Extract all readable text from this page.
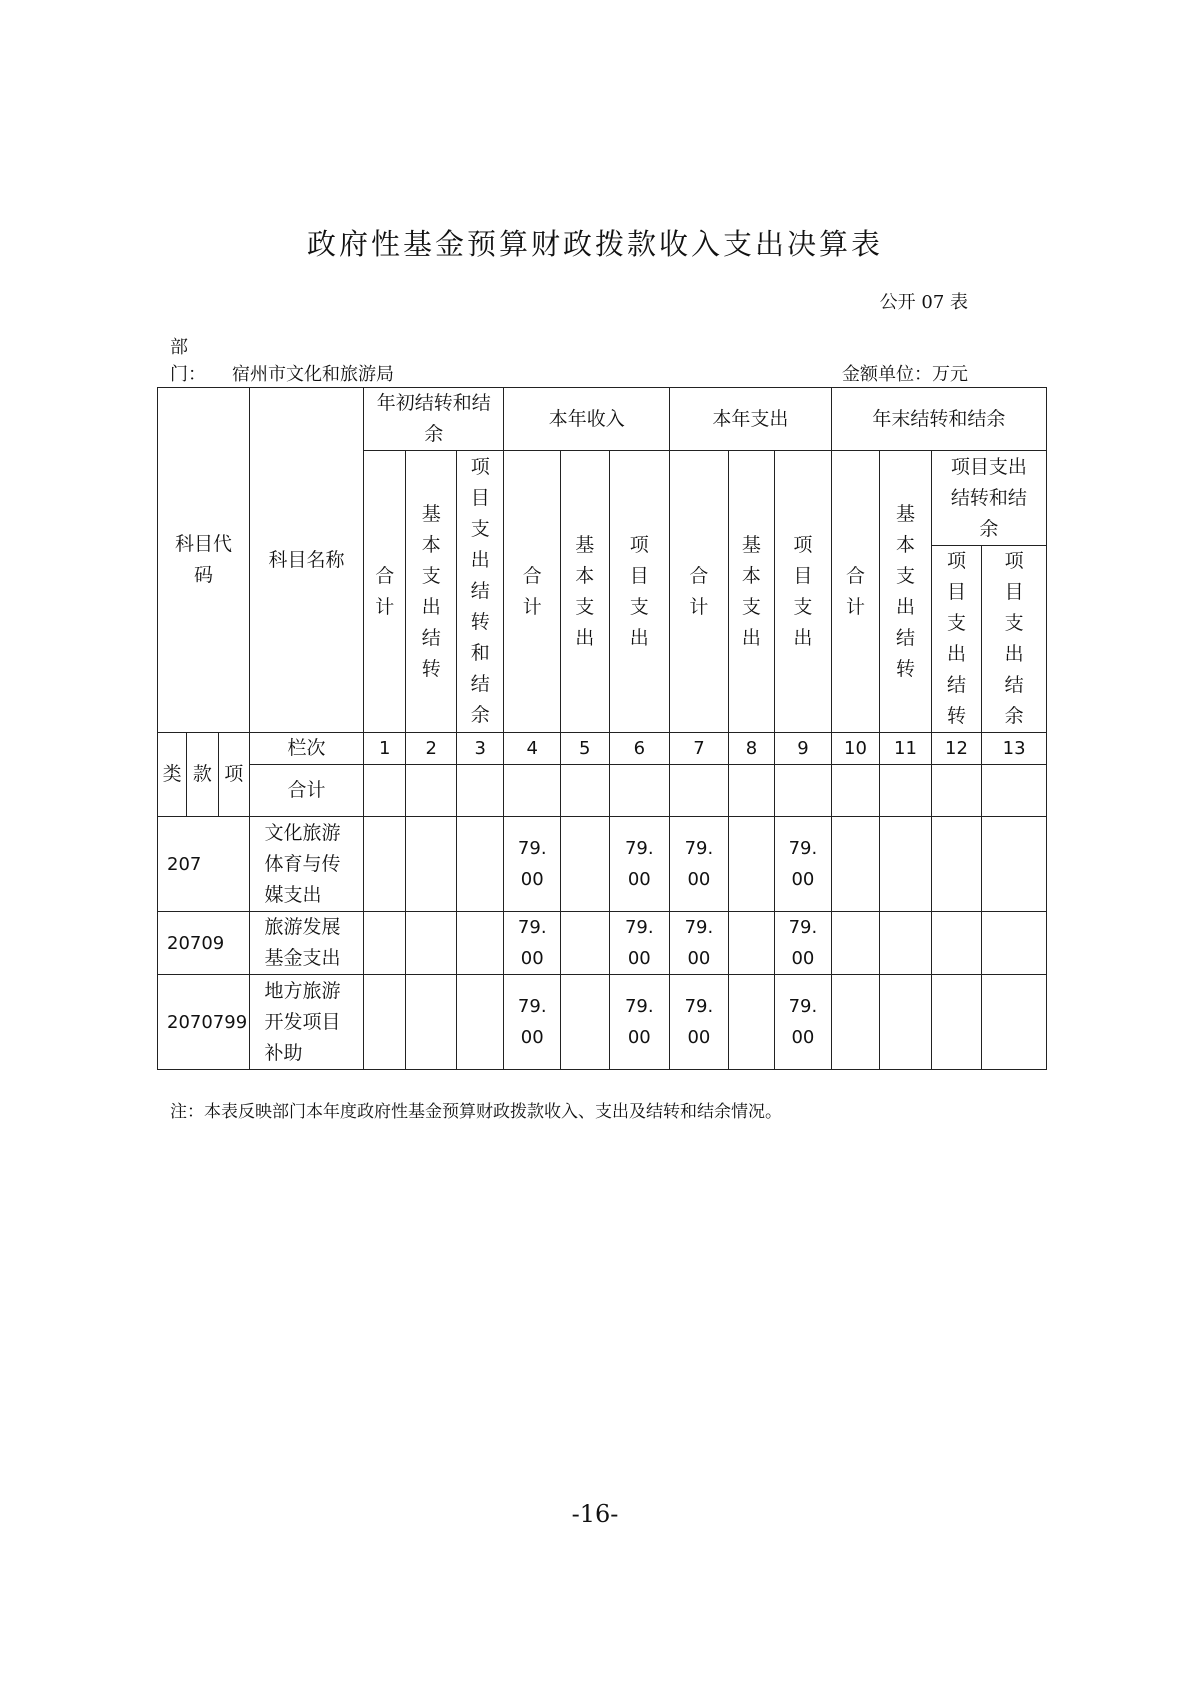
政府性基金预算财政拨款收入支出决算表
公开 07 表
部
门： 宿州市文化和旅游局	金额单位：万元
科目代码			科目名称	年初结转和结余			本年收入			本年支出			年末结转和结余			
				合计	基本支出结转	项目支出结转和结余	合计	基本支出	项目支出	合计	基本支出	项目支出	合计	基本支出结转	项目支出结转和结余	
															项目支出结转	项目支出结余
类	款	项	栏次	1	2	3	4	5	6	7	8	9	10	11	12	13
			合计													
207			文化旅游体育与传媒支出				79.00		79.00	79.00		79.00				
20709			旅游发展基金支出				79.00		79.00	79.00		79.00				
2070799			地方旅游开发项目补助				79.00		79.00	79.00		79.00				
注：本表反映部门本年度政府性基金预算财政拨款收入、支出及结转和结余情况。
-16-
